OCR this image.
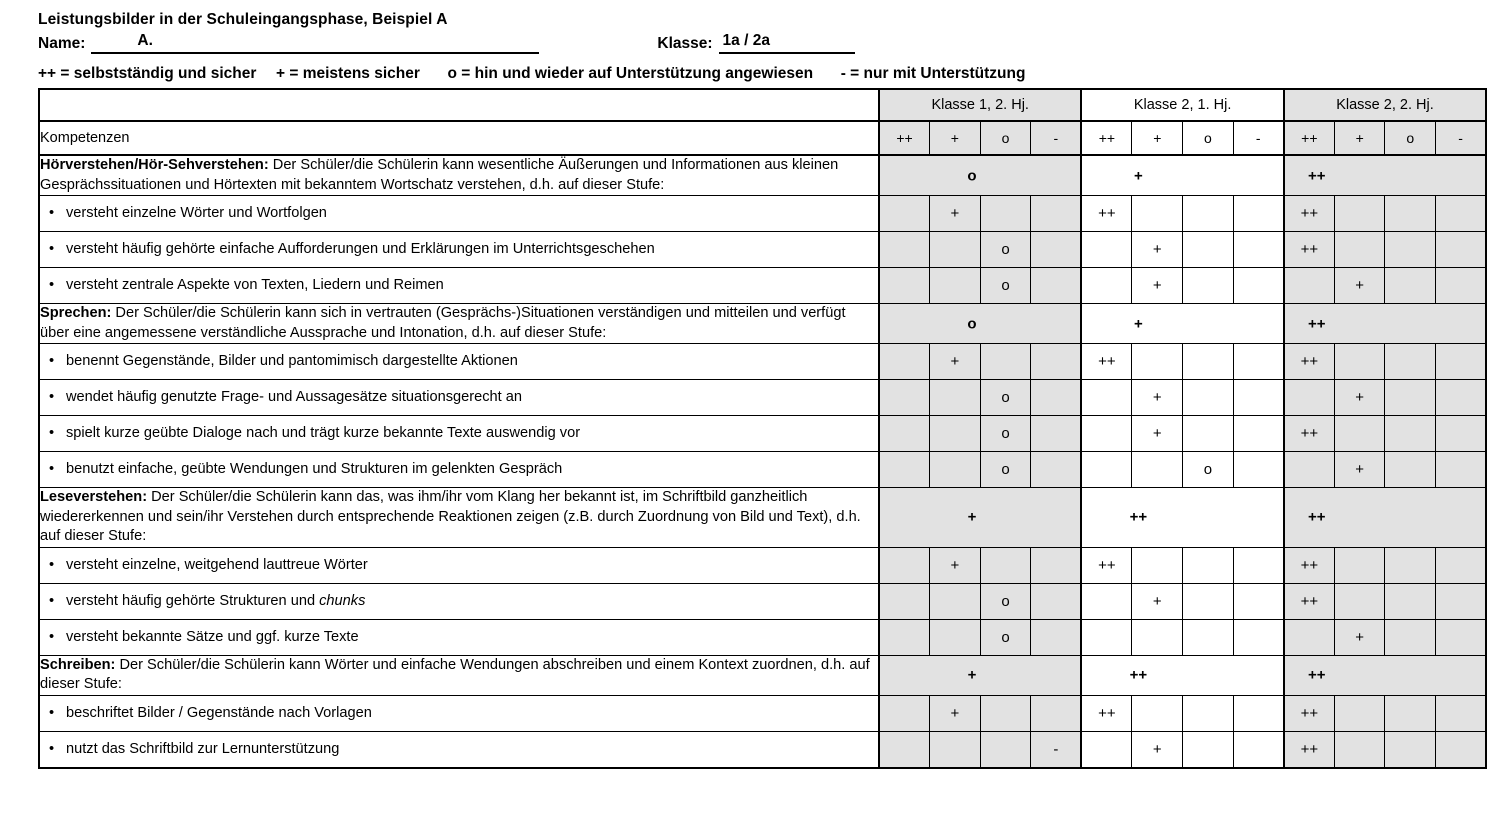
Leistungsbilder in der Schuleingangsphase, Beispiel A
Name:	A.	Klasse: 1a / 2a
++ = selbstständig und sicher + = meistens sicher o = hin und wieder auf Unterstützung angewiesen - = nur mit Unterstützung
	Klasse 1, 2. Hj.				Klasse 2, 1. Hj.				Klasse 2, 2. Hj.			
Kompetenzen	++	+	o	-	++	+	o	-	++	+	o	-
Hörverstehen/Hör-Sehverstehen: Der Schüler/die Schülerin kann wesentliche Äußerungen und Informationen aus kleinen Gesprächssituationen und Hörtexten mit bekanntem Wortschatz verstehen, d.h. auf dieser Stufe:	o				+				++			

• versteht einzelne Wörter und Wortfolgen		+			++				++			
• versteht häufig gehörte einfache Aufforderungen und Erklärungen im Unterrichtsgeschehen			o			+			++			
• versteht zentrale Aspekte von Texten, Liedern und Reimen			o			+				+		
Sprechen: Der Schüler/die Schülerin kann sich in vertrauten (Gesprächs-)Situationen verständigen und mitteilen und verfügt über eine angemessene verständliche Aussprache und Intonation, d.h. auf dieser Stufe:	o				+				++			

• benennt Gegenstände, Bilder und pantomimisch dargestellte Aktionen		+			++				++			
• wendet häufig genutzte Frage- und Aussagesätze situationsgerecht an			o			+				+		
• spielt kurze geübte Dialoge nach und trägt kurze bekannte Texte auswendig vor			o			+			++			
• benutzt einfache, geübte Wendungen und Strukturen im gelenkten Gespräch			o				o			+		
Leseverstehen: Der Schüler/die Schülerin kann das, was ihm/ihr vom Klang her bekannt ist, im Schriftbild ganzheitlich wiedererkennen und sein/ihr Verstehen durch entsprechende Reaktionen zeigen (z.B. durch Zuordnung von Bild und Text), d.h. auf dieser Stufe:	+				++				++			

• versteht einzelne, weitgehend lauttreue Wörter		+			++				++			
• versteht häufig gehörte Strukturen und chunks			o			+			++			
• versteht bekannte Sätze und ggf. kurze Texte			o							+		
Schreiben: Der Schüler/die Schülerin kann Wörter und einfache Wendungen abschreiben und einem Kontext zuordnen, d.h. auf dieser Stufe:	+				++				++			

• beschriftet Bilder / Gegenstände nach Vorlagen		+			++				++			
• nutzt das Schriftbild zur Lernunterstützung				-		+			++			
